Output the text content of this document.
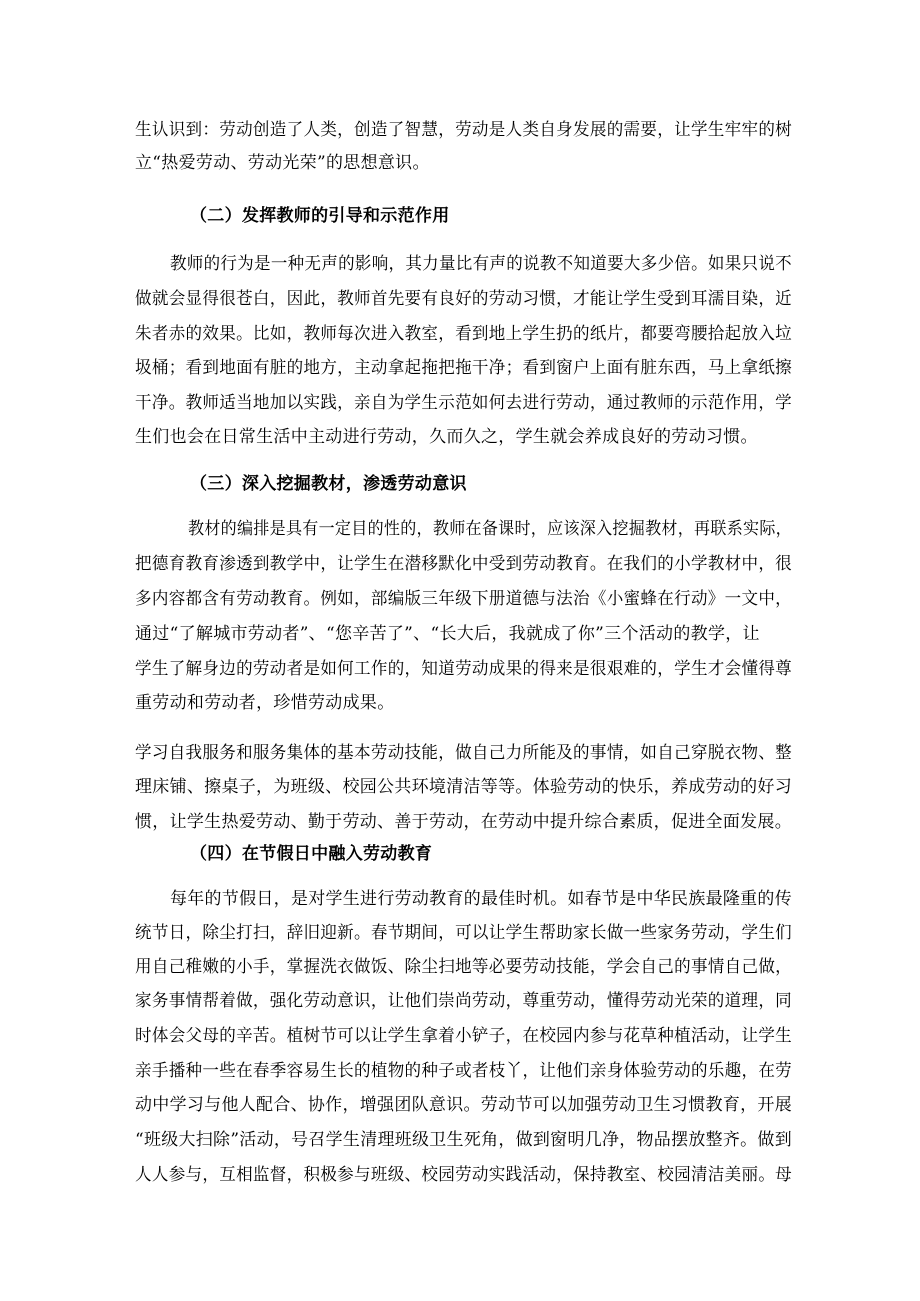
生认识到：劳动创造了人类，创造了智慧，劳动是人类自身发展的需要，让学生牢牢的树
立“热爱劳动、劳动光荣”的思想意识。
（二）发挥教师的引导和示范作用
教师的行为是一种无声的影响，其力量比有声的说教不知道要大多少倍。如果只说不
做就会显得很苍白，因此，教师首先要有良好的劳动习惯，才能让学生受到耳濡目染，近
朱者赤的效果。比如，教师每次进入教室，看到地上学生扔的纸片，都要弯腰拾起放入垃
圾桶；看到地面有脏的地方，主动拿起拖把拖干净；看到窗户上面有脏东西，马上拿纸擦
干净。教师适当地加以实践，亲自为学生示范如何去进行劳动，通过教师的示范作用，学
生们也会在日常生活中主动进行劳动，久而久之，学生就会养成良好的劳动习惯。
（三）深入挖掘教材，渗透劳动意识
教材的编排是具有一定目的性的，教师在备课时，应该深入挖掘教材，再联系实际，
把德育教育渗透到教学中，让学生在潜移默化中受到劳动教育。在我们的小学教材中，很
多内容都含有劳动教育。例如，部编版三年级下册道德与法治《小蜜蜂在行动》一文中，
通过“了解城市劳动者”、“您辛苦了”、“长大后，我就成了你”三个活动的教学，让
学生了解身边的劳动者是如何工作的，知道劳动成果的得来是很艰难的，学生才会懂得尊
重劳动和劳动者，珍惜劳动成果。
学习自我服务和服务集体的基本劳动技能，做自己力所能及的事情，如自己穿脱衣物、整
理床铺、擦桌子，为班级、校园公共环境清洁等等。体验劳动的快乐，养成劳动的好习
惯，让学生热爱劳动、勤于劳动、善于劳动，在劳动中提升综合素质，促进全面发展。
（四）在节假日中融入劳动教育
每年的节假日，是对学生进行劳动教育的最佳时机。如春节是中华民族最隆重的传
统节日，除尘打扫，辞旧迎新。春节期间，可以让学生帮助家长做一些家务劳动，学生们
用自己稚嫩的小手，掌握洗衣做饭、除尘扫地等必要劳动技能，学会自己的事情自己做，
家务事情帮着做，强化劳动意识，让他们崇尚劳动，尊重劳动，懂得劳动光荣的道理，同
时体会父母的辛苦。植树节可以让学生拿着小铲子，在校园内参与花草种植活动，让学生
亲手播种一些在春季容易生长的植物的种子或者枝丫，让他们亲身体验劳动的乐趣，在劳
动中学习与他人配合、协作，增强团队意识。劳动节可以加强劳动卫生习惯教育，开展
“班级大扫除”活动，号召学生清理班级卫生死角，做到窗明几净，物品摆放整齐。做到
人人参与，互相监督，积极参与班级、校园劳动实践活动，保持教室、校园清洁美丽。母
